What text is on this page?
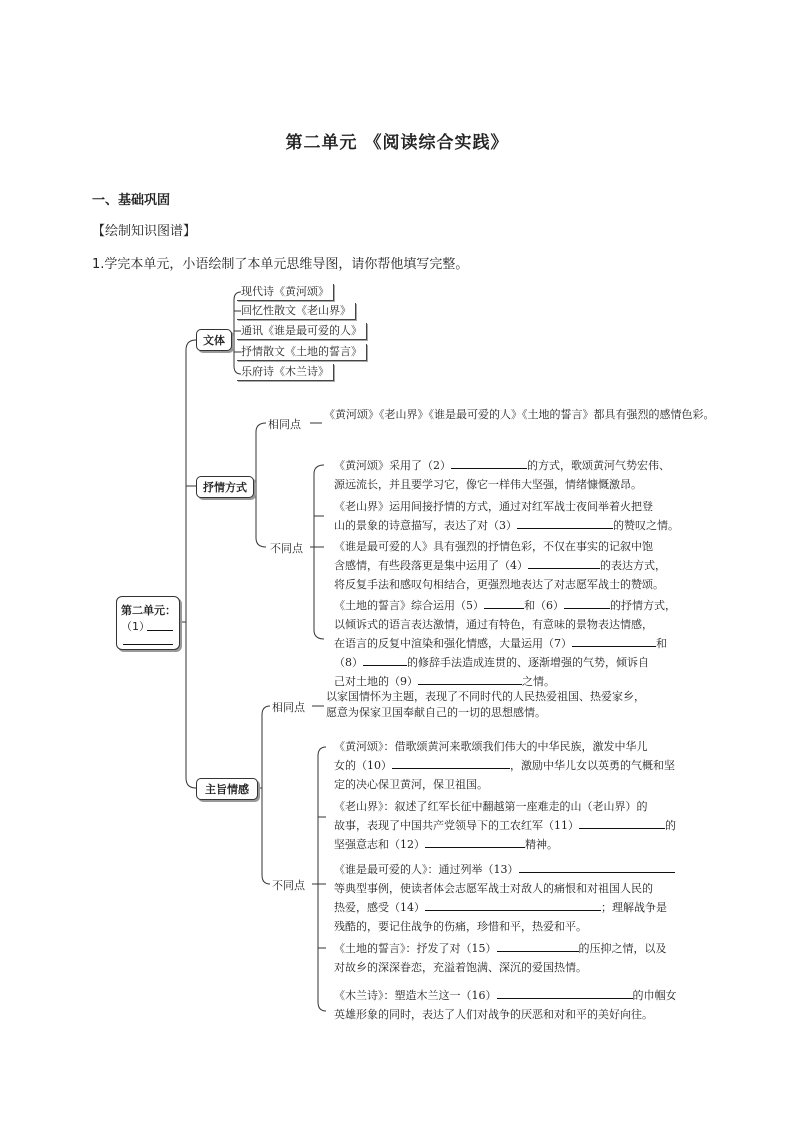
第二单元 《阅读综合实践》
一、基础巩固
【绘制知识图谱】
1.学完本单元，小语绘制了本单元思维导图，请你帮他填写完整。
第二单元：
（1）
文体
现代诗《黄河颂》
回忆性散文《老山界》
通讯《谁是最可爱的人》
抒情散文《土地的誓言》
乐府诗《木兰诗》
抒情方式
相同点
《黄河颂》《老山界》《谁是最可爱的人》《土地的誓言》都具有强烈的感情色彩。
不同点
《黄河颂》采用了（2）	的方式，歌颂黄河气势宏伟、
源远流长，并且要学习它，像它一样伟大坚强，情绪慷慨激昂。
《老山界》运用间接抒情的方式，通过对红军战士夜间举着火把登
山的景象的诗意描写，表达了对（3）	的赞叹之情。
《谁是最可爱的人》具有强烈的抒情色彩，不仅在事实的记叙中饱
含感情，有些段落更是集中运用了（4）	的表达方式，
将反复手法和感叹句相结合，更强烈地表达了对志愿军战士的赞颂。
《土地的誓言》综合运用（5）	和（6）	的抒情方式，
以倾诉式的语言表达激情，通过有特色，有意味的景物表达情感，
在语言的反复中渲染和强化情感，大量运用（7）	和
（8）	的修辞手法造成连贯的、逐渐增强的气势，倾诉自
己对土地的（9）	之情。
主旨情感
相同点
以家国情怀为主题，表现了不同时代的人民热爱祖国、热爱家乡，
愿意为保家卫国奉献自己的一切的思想感情。
不同点
《黄河颂》：借歌颂黄河来歌颂我们伟大的中华民族，激发中华儿
女的（10）	，激励中华儿女以英勇的气概和坚
定的决心保卫黄河，保卫祖国。
《老山界》：叙述了红军长征中翻越第一座难走的山（老山界）的
故事，表现了中国共产党领导下的工农红军（11）	的
坚强意志和（12）	精神。
《谁是最可爱的人》：通过列举（13）
等典型事例，使读者体会志愿军战士对敌人的痛恨和对祖国人民的
热爱，感受（14）	；理解战争是
残酷的，要记住战争的伤痛，珍惜和平，热爱和平。
《土地的誓言》：抒发了对（15）	的压抑之情，以及
对故乡的深深眷恋，充溢着饱满、深沉的爱国热情。
《木兰诗》：塑造木兰这一（16）	的巾帼女
英雄形象的同时，表达了人们对战争的厌恶和对和平的美好向往。
